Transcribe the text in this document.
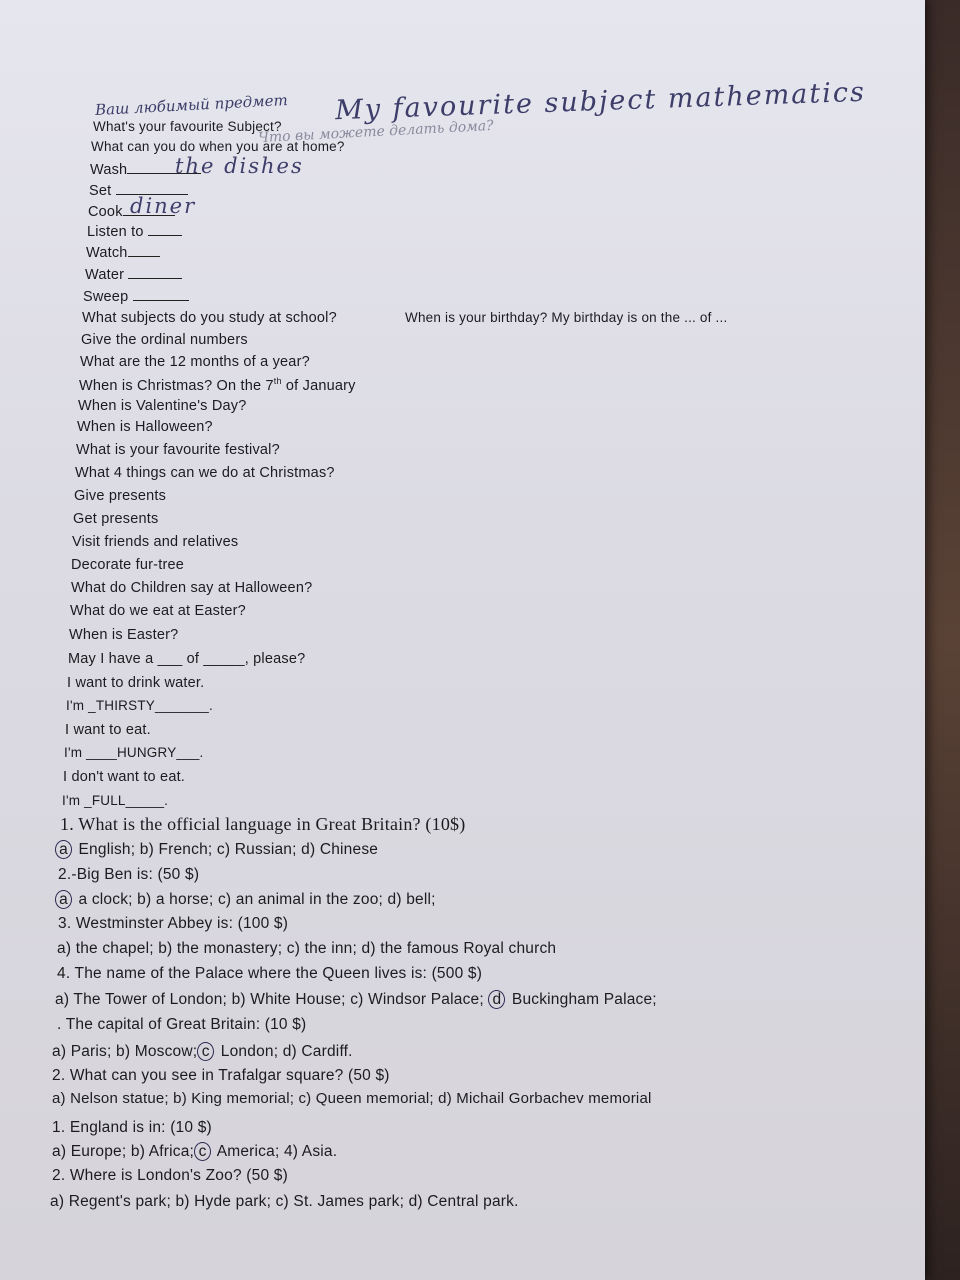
Ваш любимый предмет My favourite subject mathematics
Что вы можете делать дома?
the dishes
diner
What's your favourite Subject?
What can you do when you are at home?
Wash
Set
Cook
Listen to
Watch
Water
Sweep
What subjects do you study at school?	When is your birthday? My birthday is on the ... of ...
Give the ordinal numbers
What are the 12 months of a year?
When is Christmas? On the 7th of January
When is Valentine's Day?
When is Halloween?
What is your favourite festival?
What 4 things can we do at Christmas?
Give presents
Get presents
Visit friends and relatives
Decorate fur-tree
What do Children say at Halloween?
What do we eat at Easter?
When is Easter?
May I have a ___ of _____, please?
I want to drink water.
I'm _THIRSTY_______.
I want to eat.
I'm ____HUNGRY___.
I don't want to eat.
I'm _FULL_____.
1. What is the official language in Great Britain? (10$)
a English; b) French; c) Russian; d) Chinese
2.-Big Ben is: (50 $)
a a clock; b) a horse; c) an animal in the zoo; d) bell;
3. Westminster Abbey is: (100 $)
a) the chapel; b) the monastery; c) the inn; d) the famous Royal church
4. The name of the Palace where the Queen lives is: (500 $)
a) The Tower of London; b) White House; c) Windsor Palace; d Buckingham Palace;
. The capital of Great Britain: (10 $)
a) Paris; b) Moscow; c London; d) Cardiff.
2. What can you see in Trafalgar square? (50 $)
a) Nelson statue; b) King memorial; c) Queen memorial; d) Michail Gorbachev memorial
1. England is in: (10 $)
a) Europe; b) Africa; c America; 4) Asia.
2. Where is London's Zoo? (50 $)
a) Regent's park; b) Hyde park; c) St. James park; d) Central park.
